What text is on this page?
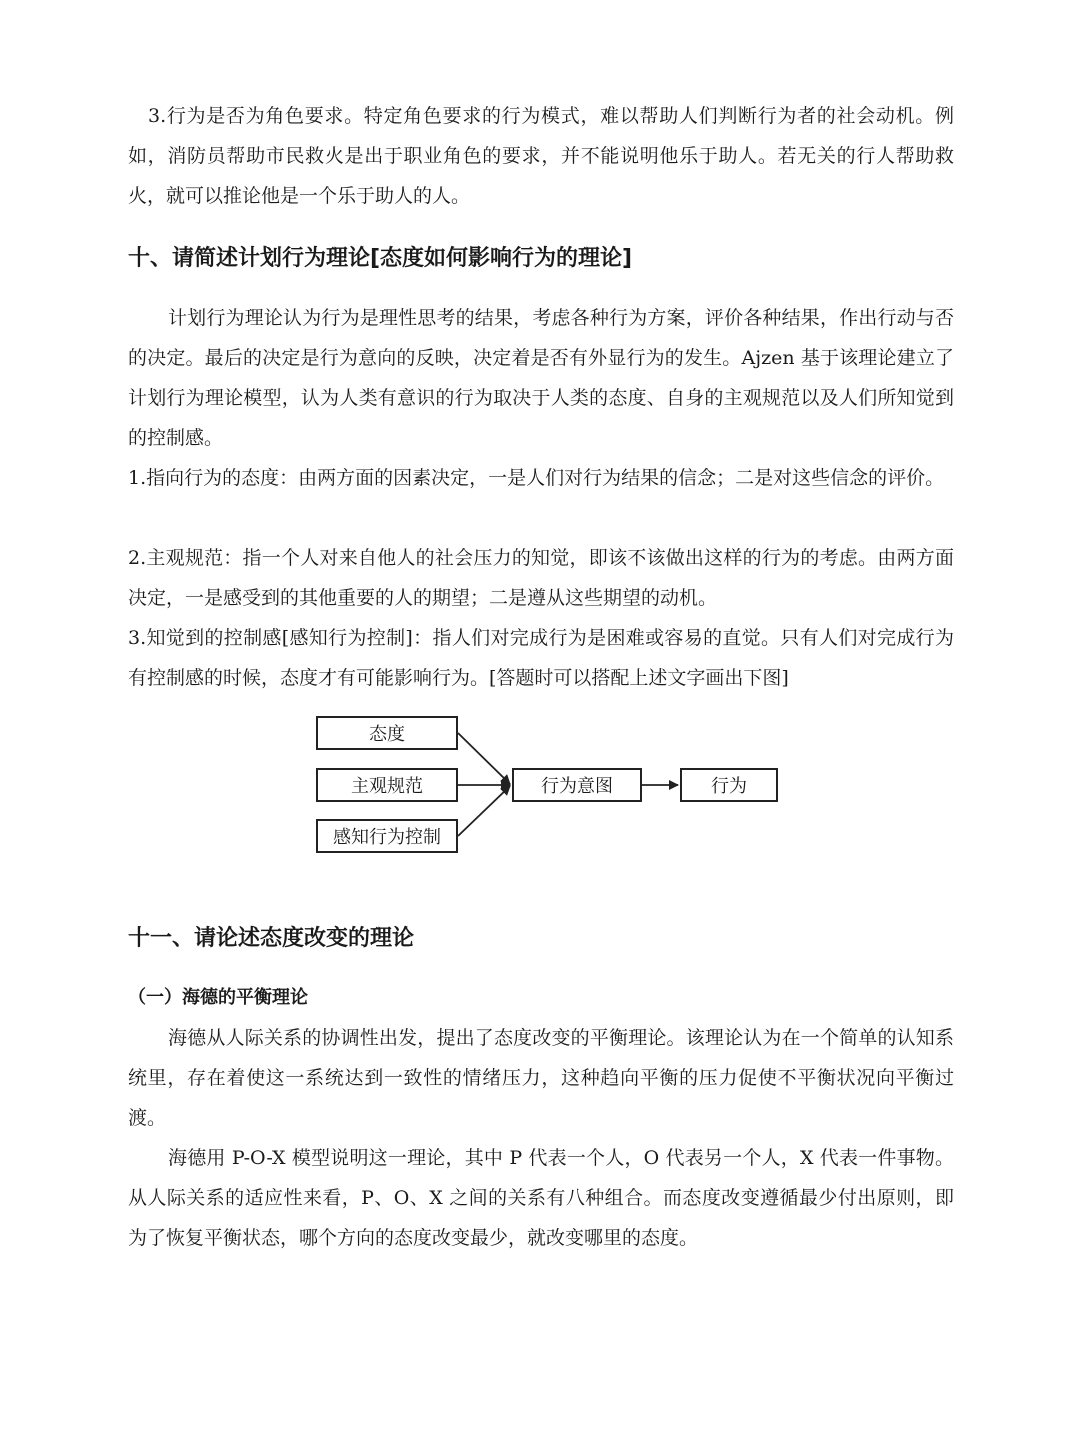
3.行为是否为角色要求。特定角色要求的行为模式，难以帮助人们判断行为者的社会动机。例如，消防员帮助市民救火是出于职业角色的要求，并不能说明他乐于助人。若无关的行人帮助救火，就可以推论他是一个乐于助人的人。

十、请简述计划行为理论[态度如何影响行为的理论]

计划行为理论认为行为是理性思考的结果，考虑各种行为方案，评价各种结果，作出行动与否的决定。最后的决定是行为意向的反映，决定着是否有外显行为的发生。Ajzen 基于该理论建立了计划行为理论模型，认为人类有意识的行为取决于人类的态度、自身的主观规范以及人们所知觉到的控制感。

1.指向行为的态度：由两方面的因素决定，一是人们对行为结果的信念；二是对这些信念的评价。

2.主观规范：指一个人对来自他人的社会压力的知觉，即该不该做出这样的行为的考虑。由两方面决定，一是感受到的其他重要的人的期望；二是遵从这些期望的动机。

3.知觉到的控制感[感知行为控制]：指人们对完成行为是困难或容易的直觉。只有人们对完成行为有控制感的时候，态度才有可能影响行为。[答题时可以搭配上述文字画出下图]

态度
主观规范
感知行为控制
行为意图	行为
十一、请论述态度改变的理论
（一）海德的平衡理论

海德从人际关系的协调性出发，提出了态度改变的平衡理论。该理论认为在一个简单的认知系统里，存在着使这一系统达到一致性的情绪压力，这种趋向平衡的压力促使不平衡状况向平衡过渡。

海德用 P-O-X 模型说明这一理论，其中 P 代表一个人，O 代表另一个人，X 代表一件事物。从人际关系的适应性来看，P、O、X 之间的关系有八种组合。而态度改变遵循最少付出原则，即为了恢复平衡状态，哪个方向的态度改变最少，就改变哪里的态度。
